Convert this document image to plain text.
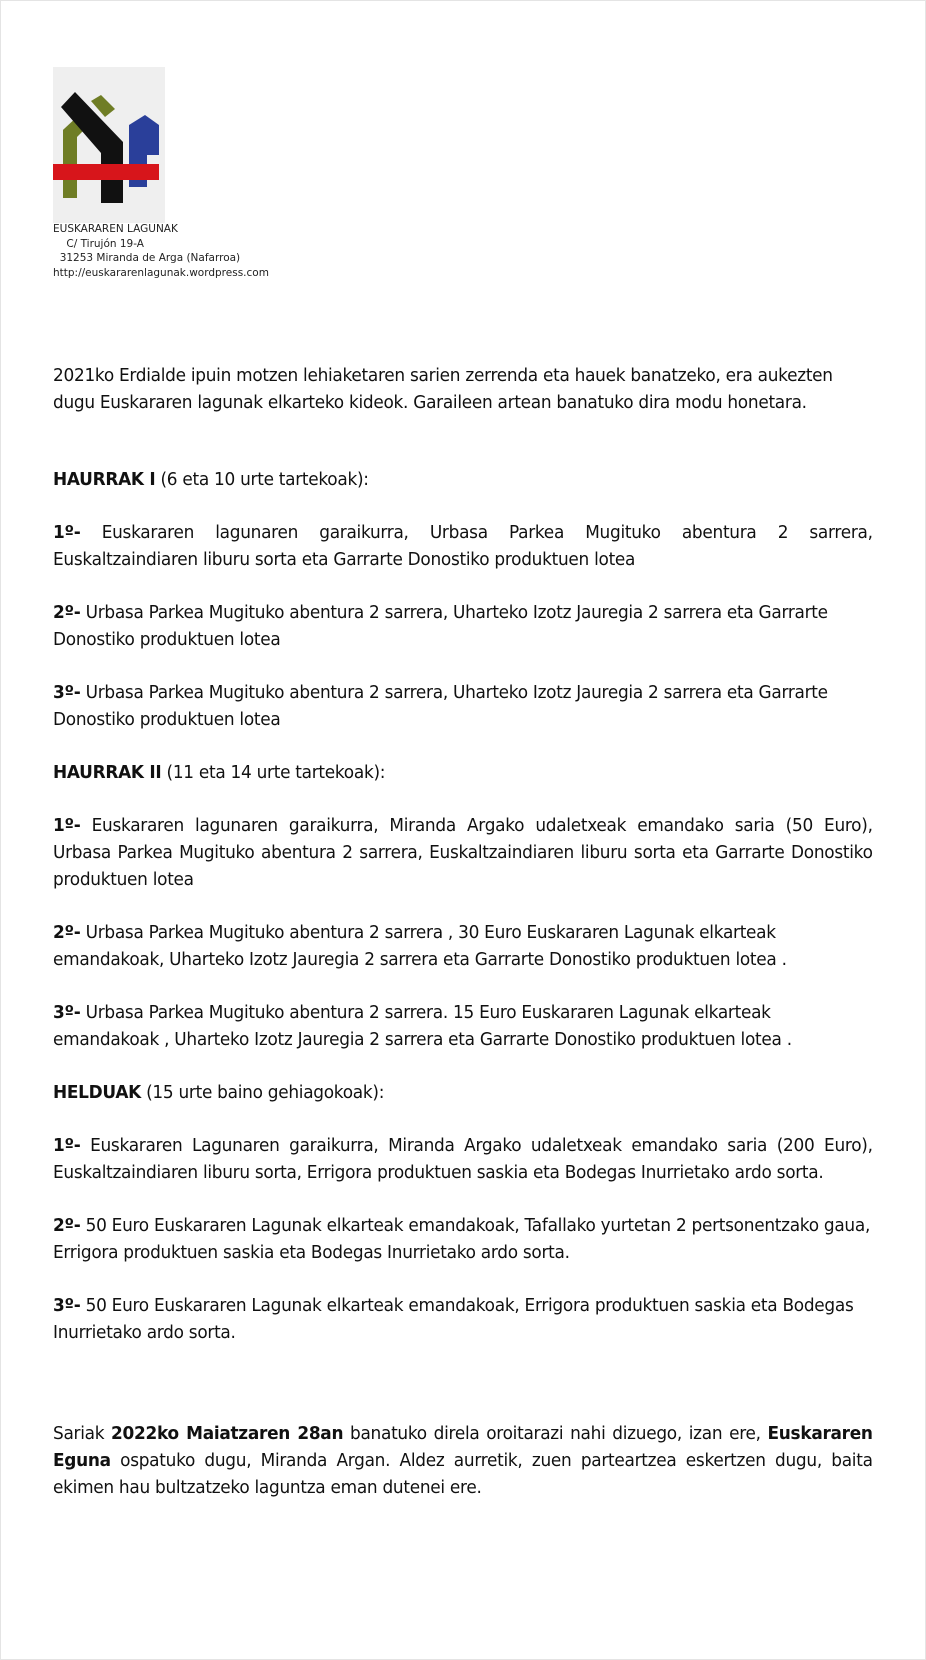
EUSKARAREN LAGUNAK
C/ Tirujón 19-A
31253 Miranda de Arga (Nafarroa)
http://euskararenlagunak.wordpress.com

2021ko Erdialde ipuin motzen lehiaketaren sarien zerrenda eta hauek banatzeko, era aukezten dugu Euskararen lagunak elkarteko kideok. Garaileen artean banatuko dira modu honetara.

HAURRAK I (6 eta 10 urte tartekoak):

1º- Euskararen lagunaren garaikurra, Urbasa Parkea Mugituko abentura 2 sarrera, Euskaltzaindiaren liburu sorta eta Garrarte Donostiko produktuen lotea

2º- Urbasa Parkea Mugituko abentura 2 sarrera, Uharteko Izotz Jauregia 2 sarrera eta Garrarte Donostiko produktuen lotea

3º- Urbasa Parkea Mugituko abentura 2 sarrera, Uharteko Izotz Jauregia 2 sarrera eta Garrarte Donostiko produktuen lotea

HAURRAK II (11 eta 14 urte tartekoak):

1º- Euskararen lagunaren garaikurra, Miranda Argako udaletxeak emandako saria (50 Euro), Urbasa Parkea Mugituko abentura 2 sarrera, Euskaltzaindiaren liburu sorta eta Garrarte Donostiko produktuen lotea

2º- Urbasa Parkea Mugituko abentura 2 sarrera , 30 Euro Euskararen Lagunak elkarteak emandakoak, Uharteko Izotz Jauregia 2 sarrera eta Garrarte Donostiko produktuen lotea .

3º- Urbasa Parkea Mugituko abentura 2 sarrera. 15 Euro Euskararen Lagunak elkarteak emandakoak , Uharteko Izotz Jauregia 2 sarrera eta Garrarte Donostiko produktuen lotea .

HELDUAK (15 urte baino gehiagokoak):

1º- Euskararen Lagunaren garaikurra, Miranda Argako udaletxeak emandako saria (200 Euro), Euskaltzaindiaren liburu sorta, Errigora produktuen saskia eta Bodegas Inurrietako ardo sorta.

2º- 50 Euro Euskararen Lagunak elkarteak emandakoak, Tafallako yurtetan 2 pertsonentzako gaua, Errigora produktuen saskia eta Bodegas Inurrietako ardo sorta.

3º- 50 Euro Euskararen Lagunak elkarteak emandakoak, Errigora produktuen saskia eta Bodegas Inurrietako ardo sorta.

Sariak 2022ko Maiatzaren 28an banatuko direla oroitarazi nahi dizuego, izan ere, Euskararen Eguna ospatuko dugu, Miranda Argan. Aldez aurretik, zuen partеartzea eskertzen dugu, baita ekimen hau bultzatzeko laguntza eman dutenei ere.
